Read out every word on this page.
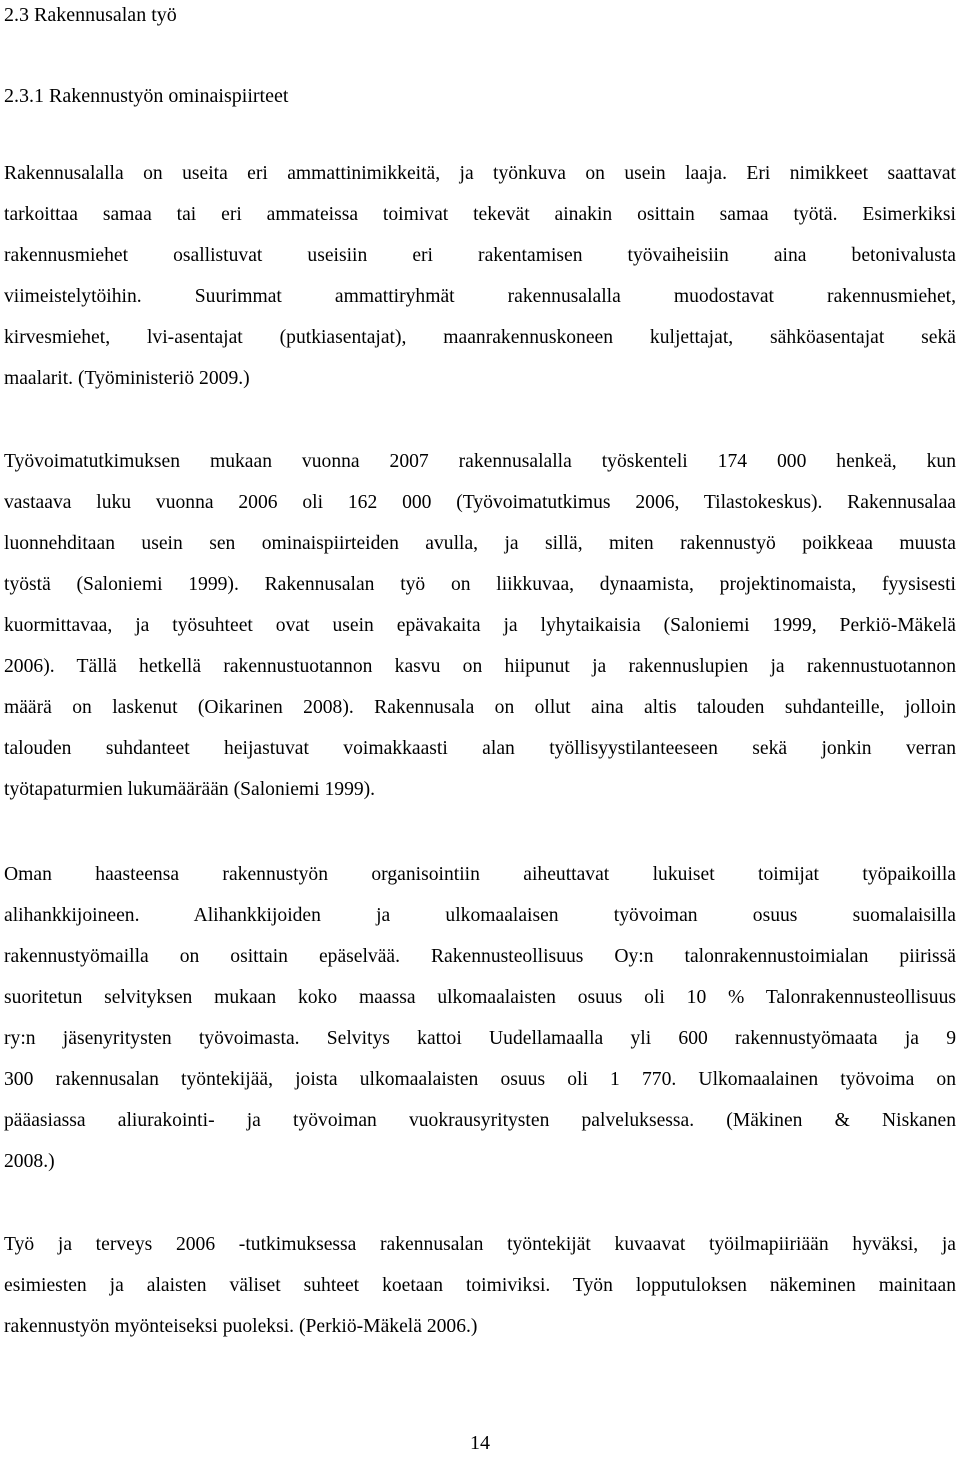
2.3 Rakennusalan työ
2.3.1 Rakennustyön ominaispiirteet

Rakennusalalla on useita eri ammattinimikkeitä, ja työnkuva on usein laaja. Eri nimikkeet saattavat
tarkoittaa samaa tai eri ammateissa toimivat tekevät ainakin osittain samaa työtä. Esimerkiksi
rakennusmiehet osallistuvat useisiin eri rakentamisen työvaiheisiin aina betonivalusta
viimeistelytöihin. Suurimmat ammattiryhmät rakennusalalla muodostavat rakennusmiehet,
kirvesmiehet, lvi-asentajat (putkiasentajat), maanrakennuskoneen kuljettajat, sähköasentajat sekä
maalarit. (Työministeriö 2009.)

Työvoimatutkimuksen mukaan vuonna 2007 rakennusalalla työskenteli 174 000 henkeä, kun
vastaava luku vuonna 2006 oli 162 000 (Työvoimatutkimus 2006, Tilastokeskus). Rakennusalaa
luonnehditaan usein sen ominaispiirteiden avulla, ja sillä, miten rakennustyö poikkeaa muusta
työstä (Saloniemi 1999). Rakennusalan työ on liikkuvaa, dynaamista, projektinomaista, fyysisesti
kuormittavaa, ja työsuhteet ovat usein epävakaita ja lyhytaikaisia (Saloniemi 1999, Perkiö-Mäkelä
2006). Tällä hetkellä rakennustuotannon kasvu on hiipunut ja rakennuslupien ja rakennustuotannon
määrä on laskenut (Oikarinen 2008). Rakennusala on ollut aina altis talouden suhdanteille, jolloin
talouden suhdanteet heijastuvat voimakkaasti alan työllisyystilanteeseen sekä jonkin verran
työtapaturmien lukumäärään (Saloniemi 1999).

Oman haasteensa rakennustyön organisointiin aiheuttavat lukuiset toimijat työpaikoilla
alihankkijoineen. Alihankkijoiden ja ulkomaalaisen työvoiman osuus suomalaisilla
rakennustyömailla on osittain epäselvää. Rakennusteollisuus Oy:n talonrakennustoimialan piirissä
suoritetun selvityksen mukaan koko maassa ulkomaalaisten osuus oli 10 % Talonrakennusteollisuus
ry:n jäsenyritysten työvoimasta. Selvitys kattoi Uudellamaalla yli 600 rakennustyömaata ja 9
300 rakennusalan työntekijää, joista ulkomaalaisten osuus oli 1 770. Ulkomaalainen työvoima on
pääasiassa aliurakointi- ja työvoiman vuokrausyritysten palveluksessa. (Mäkinen & Niskanen
2008.)

Työ ja terveys 2006 -tutkimuksessa rakennusalan työntekijät kuvaavat työilmapiiriään hyväksi, ja
esimiesten ja alaisten väliset suhteet koetaan toimiviksi. Työn lopputuloksen näkeminen mainitaan
rakennustyön myönteiseksi puoleksi. (Perkiö-Mäkelä 2006.)

14
